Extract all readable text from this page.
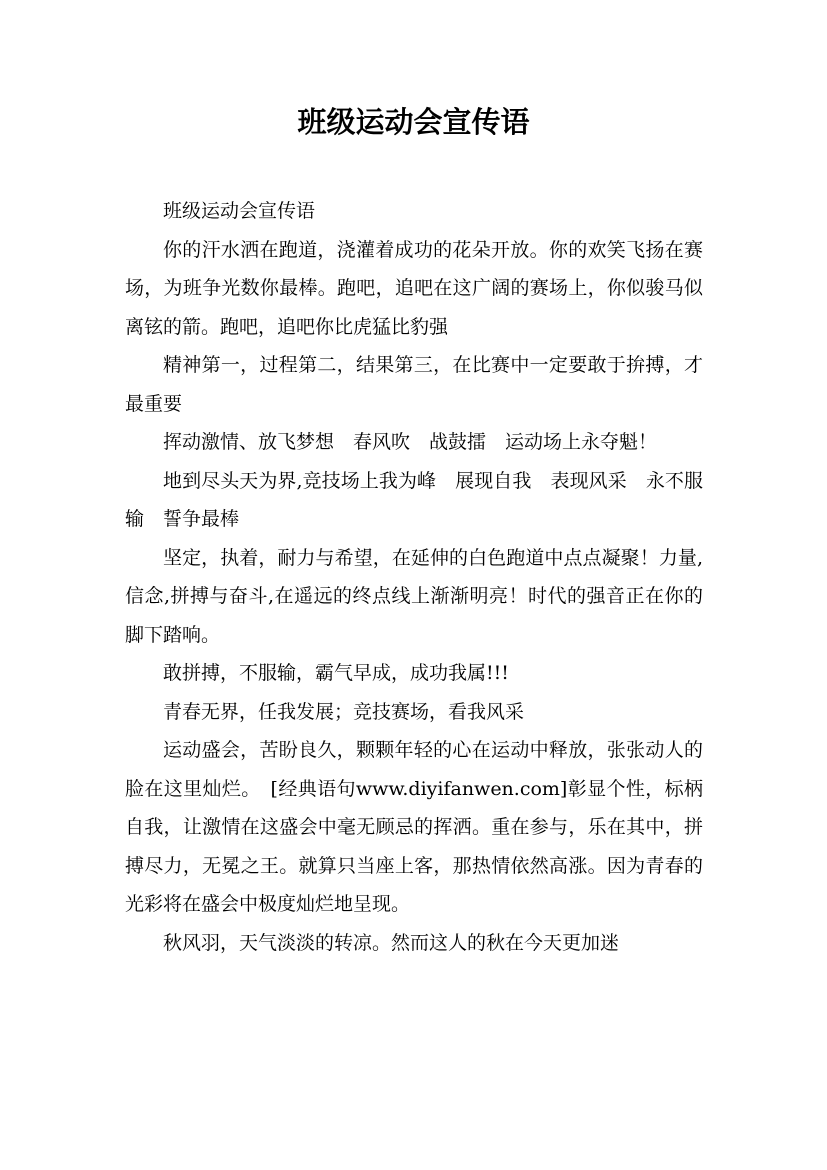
班级运动会宣传语

班级运动会宣传语

你的汗水洒在跑道，浇灌着成功的花朵开放。你的欢笑飞扬在赛场，为班争光数你最棒。跑吧，追吧在这广阔的赛场上，你似骏马似离铉的箭。跑吧，追吧你比虎猛比豹强

精神第一，过程第二，结果第三，在比赛中一定要敢于拚搏，才最重要

挥动激情、放飞梦想　春风吹　战鼓擂　运动场上永夺魁！

地到尽头天为界,竞技场上我为峰　展现自我　表现风采　永不服输　誓争最棒

坚定，执着，耐力与希望，在延伸的白色跑道中点点凝聚！力量,信念,拼搏与奋斗,在遥远的终点线上渐渐明亮！时代的强音正在你的脚下踏响。

敢拼搏，不服输，霸气早成，成功我属!!!

青春无界，任我发展；竞技赛场，看我风采

运动盛会，苦盼良久，颗颗年轻的心在运动中释放，张张动人的脸在这里灿烂。　[经典语句www.diyifanwen.com]彰显个性，标柄自我，让激情在这盛会中毫无顾忌的挥洒。重在参与，乐在其中，拼搏尽力，无冕之王。就算只当座上客，那热情依然高涨。因为青春的光彩将在盛会中极度灿烂地呈现。

秋风羽，天气淡淡的转凉。然而这人的秋在今天更加迷
